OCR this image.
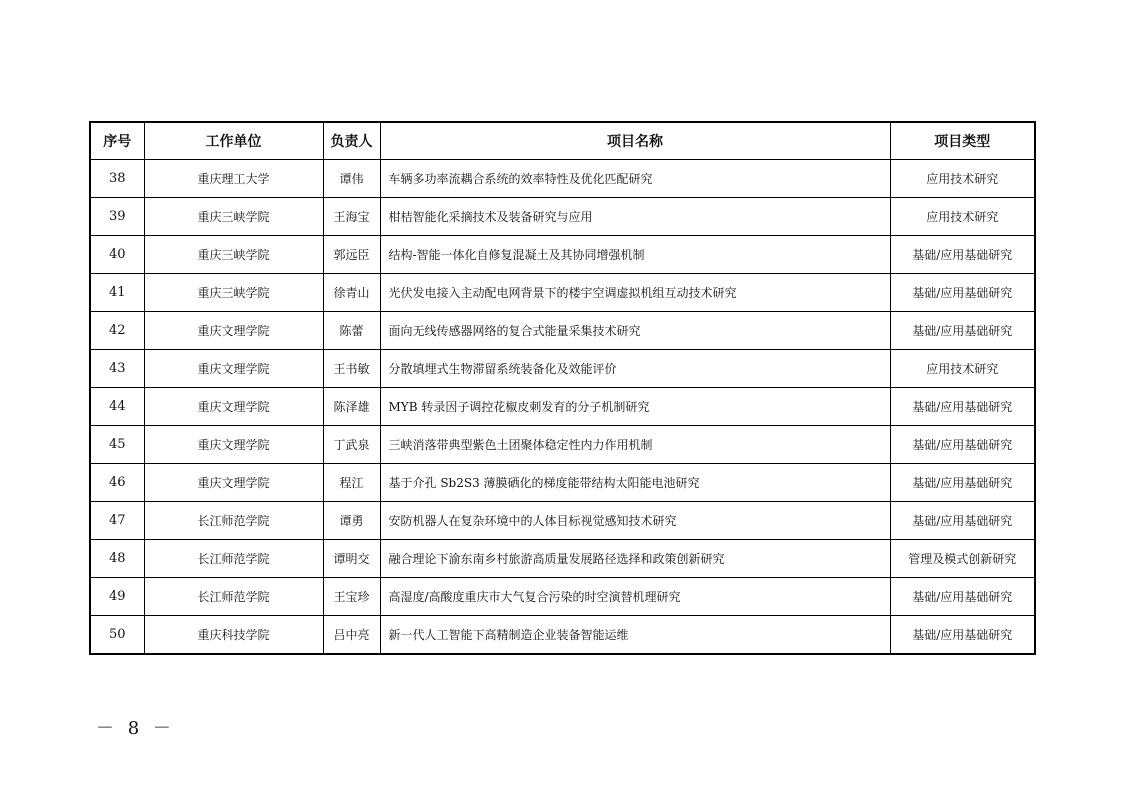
序号	工作单位	负责人	项目名称	项目类型
38	重庆理工大学	谭伟	车辆多功率流耦合系统的效率特性及优化匹配研究	应用技术研究
39	重庆三峡学院	王海宝	柑桔智能化采摘技术及装备研究与应用	应用技术研究
40	重庆三峡学院	郭远臣	结构-智能一体化自修复混凝土及其协同增强机制	基础/应用基础研究
41	重庆三峡学院	徐青山	光伏发电接入主动配电网背景下的楼宇空调虚拟机组互动技术研究	基础/应用基础研究
42	重庆文理学院	陈蕾	面向无线传感器网络的复合式能量采集技术研究	基础/应用基础研究
43	重庆文理学院	王书敏	分散填埋式生物滞留系统装备化及效能评价	应用技术研究
44	重庆文理学院	陈泽雄	MYB 转录因子调控花椒皮刺发育的分子机制研究	基础/应用基础研究
45	重庆文理学院	丁武泉	三峡消落带典型紫色土团聚体稳定性内力作用机制	基础/应用基础研究
46	重庆文理学院	程江	基于介孔 Sb2S3 薄膜硒化的梯度能带结构太阳能电池研究	基础/应用基础研究
47	长江师范学院	谭勇	安防机器人在复杂环境中的人体目标视觉感知技术研究	基础/应用基础研究
48	长江师范学院	谭明交	融合理论下渝东南乡村旅游高质量发展路径选择和政策创新研究	管理及模式创新研究
49	长江师范学院	王宝珍	高湿度/高酸度重庆市大气复合污染的时空演替机理研究	基础/应用基础研究
50	重庆科技学院	吕中亮	新一代人工智能下高精制造企业装备智能运维	基础/应用基础研究
－ 8 －
